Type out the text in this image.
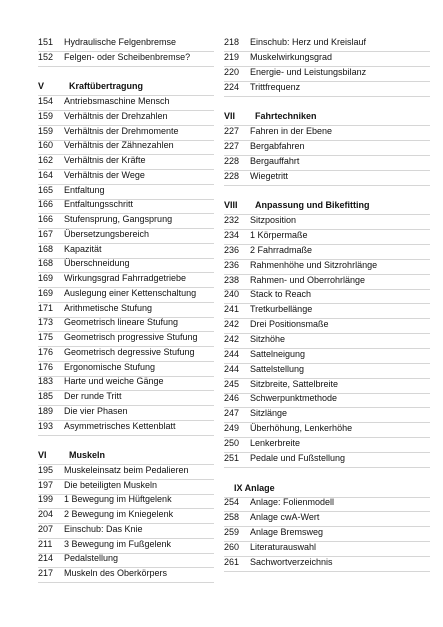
151 Hydraulische Felgenbremse
152 Felgen- oder Scheibenbremse?
V	Kraftübertragung
154 Antriebsmaschine Mensch
159 Verhältnis der Drehzahlen
159 Verhältnis der Drehmomente
160 Verhältnis der Zähnezahlen
162 Verhältnis der Kräfte
164 Verhältnis der Wege
165 Entfaltung
166 Entfaltungsschritt
166 Stufensprung, Gangsprung
167 Übersetzungsbereich
168 Kapazität
168 Überschneidung
169 Wirkungsgrad Fahrradgetriebe
169 Auslegung einer Kettenschaltung
171 Arithmetische Stufung
173 Geometrisch lineare Stufung
175 Geometrisch progressive Stufung
176 Geometrisch degressive Stufung
176 Ergonomische Stufung
183 Harte und weiche Gänge
185 Der runde Tritt
189 Die vier Phasen
193 Asymmetrisches Kettenblatt
VI Muskeln
195 Muskeleinsatz beim Pedalieren
197 Die beteiligten Muskeln
199 1 Bewegung im Hüftgelenk
204 2 Bewegung im Kniegelenk
207 Einschub: Das Knie
211 3 Bewegung im Fußgelenk
214 Pedalstellung
217 Muskeln des Oberkörpers
218 Einschub: Herz und Kreislauf
219 Muskelwirkungsgrad
220 Energie- und Leistungsbilanz
224 Trittfrequenz
VII Fahrtechniken
227 Fahren in der Ebene
227 Bergabfahren
228 Bergauffahrt
228 Wiegetritt
VIII Anpassung und Bikefitting
232 Sitzposition
234 1 Körpermaße
236 2 Fahrradmaße
236 Rahmenhöhe und Sitzrohrlänge
238 Rahmen- und Oberrohrlänge
240 Stack to Reach
241 Tretkurbellänge
242 Drei Positionsmaße
242 Sitzhöhe
244 Sattelneigung
244 Sattelstellung
245 Sitzbreite, Sattelbreite
246 Schwerpunktmethode
247 Sitzlänge
249 Überhöhung, Lenkerhöhe
250 Lenkerbreite
251 Pedale und Fußstellung
IX Anlage
254 Anlage: Folienmodell
258 Anlage cwA-Wert
259 Anlage Bremsweg
260 Literaturauswahl
261 Sachwortverzeichnis
